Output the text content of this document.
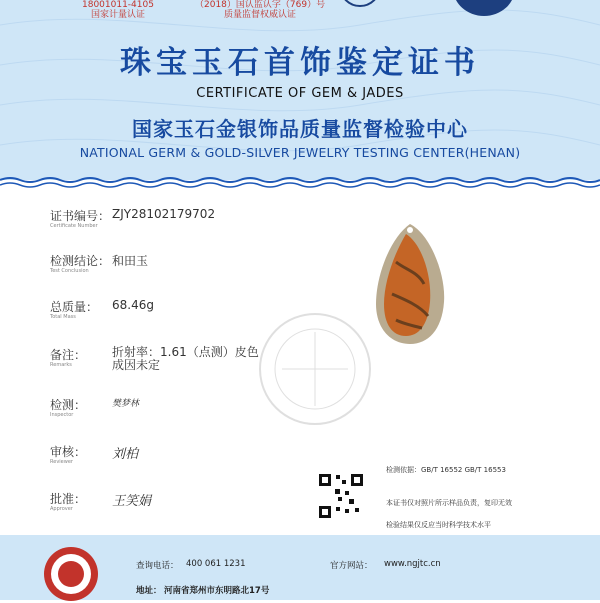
18001011-4105
国家计量认证
（2018）国认监认字（769）号
质量监督权威认证
珠宝玉石首饰鉴定证书
CERTIFICATE OF GEM & JADES
国家玉石金银饰品质量监督检验中心
NATIONAL GERM & GOLD-SILVER JEWELRY TESTING CENTER(HENAN)
证书编号：
Certificate Number
ZJY28102179702
检测结论：
Test Conclusion
和田玉
总质量：
Total Mass
68.46g
备注：
Remarks
折射率：1.61（点测）皮色成因未定
检测：
Inspector
樊梦林
审核：
Reviewer	刘柏
批准：
Approver	王笑娟
检测依据：GB/T 16552 GB/T 16553
本证书仅对照片所示样品负责，复印无效
检验结果仅反应当时科学技术水平
查询电话： 400 061 1231	官方网站： www.ngjtc.cn
地址： 河南省郑州市东明路北17号
